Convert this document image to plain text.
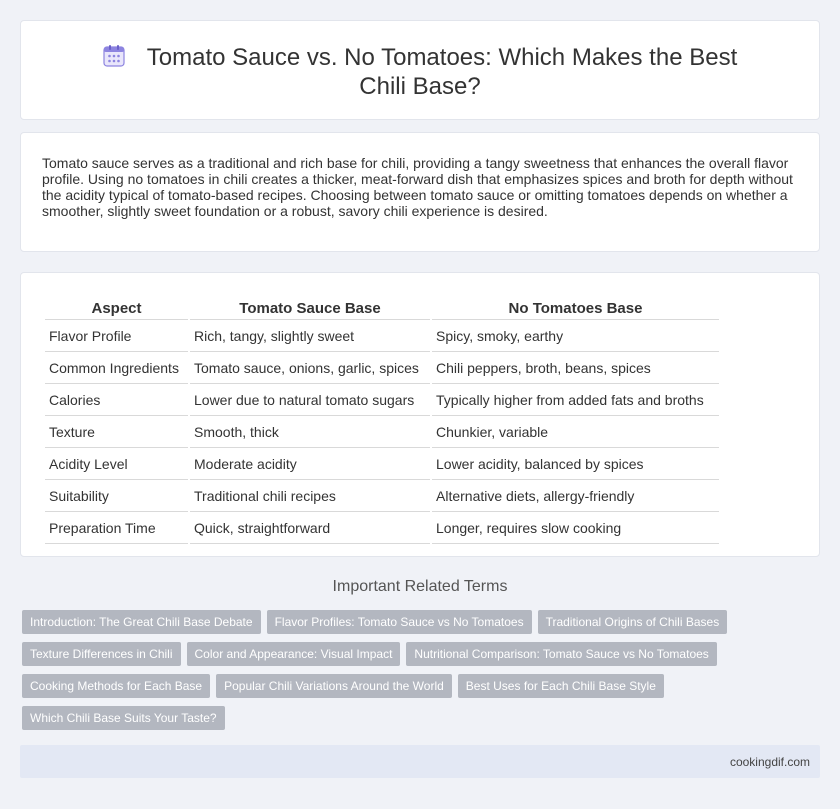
Tomato Sauce vs. No Tomatoes: Which Makes the Best Chili Base?

Tomato sauce serves as a traditional and rich base for chili, providing a tangy sweetness that enhances the overall flavor profile. Using no tomatoes in chili creates a thicker, meat-forward dish that emphasizes spices and broth for depth without the acidity typical of tomato-based recipes. Choosing between tomato sauce or omitting tomatoes depends on whether a smoother, slightly sweet foundation or a robust, savory chili experience is desired.

Aspect	Tomato Sauce Base	No Tomatoes Base
Flavor Profile	Rich, tangy, slightly sweet	Spicy, smoky, earthy
Common Ingredients	Tomato sauce, onions, garlic, spices	Chili peppers, broth, beans, spices
Calories	Lower due to natural tomato sugars	Typically higher from added fats and broths
Texture	Smooth, thick	Chunkier, variable
Acidity Level	Moderate acidity	Lower acidity, balanced by spices
Suitability	Traditional chili recipes	Alternative diets, allergy-friendly
Preparation Time	Quick, straightforward	Longer, requires slow cooking
Important Related Terms
Introduction: The Great Chili Base Debate	Flavor Profiles: Tomato Sauce vs No Tomatoes	Traditional Origins of Chili Bases
Texture Differences in Chili	Color and Appearance: Visual Impact	Nutritional Comparison: Tomato Sauce vs No Tomatoes
Cooking Methods for Each Base	Popular Chili Variations Around the World	Best Uses for Each Chili Base Style
Which Chili Base Suits Your Taste?
cookingdif.com
